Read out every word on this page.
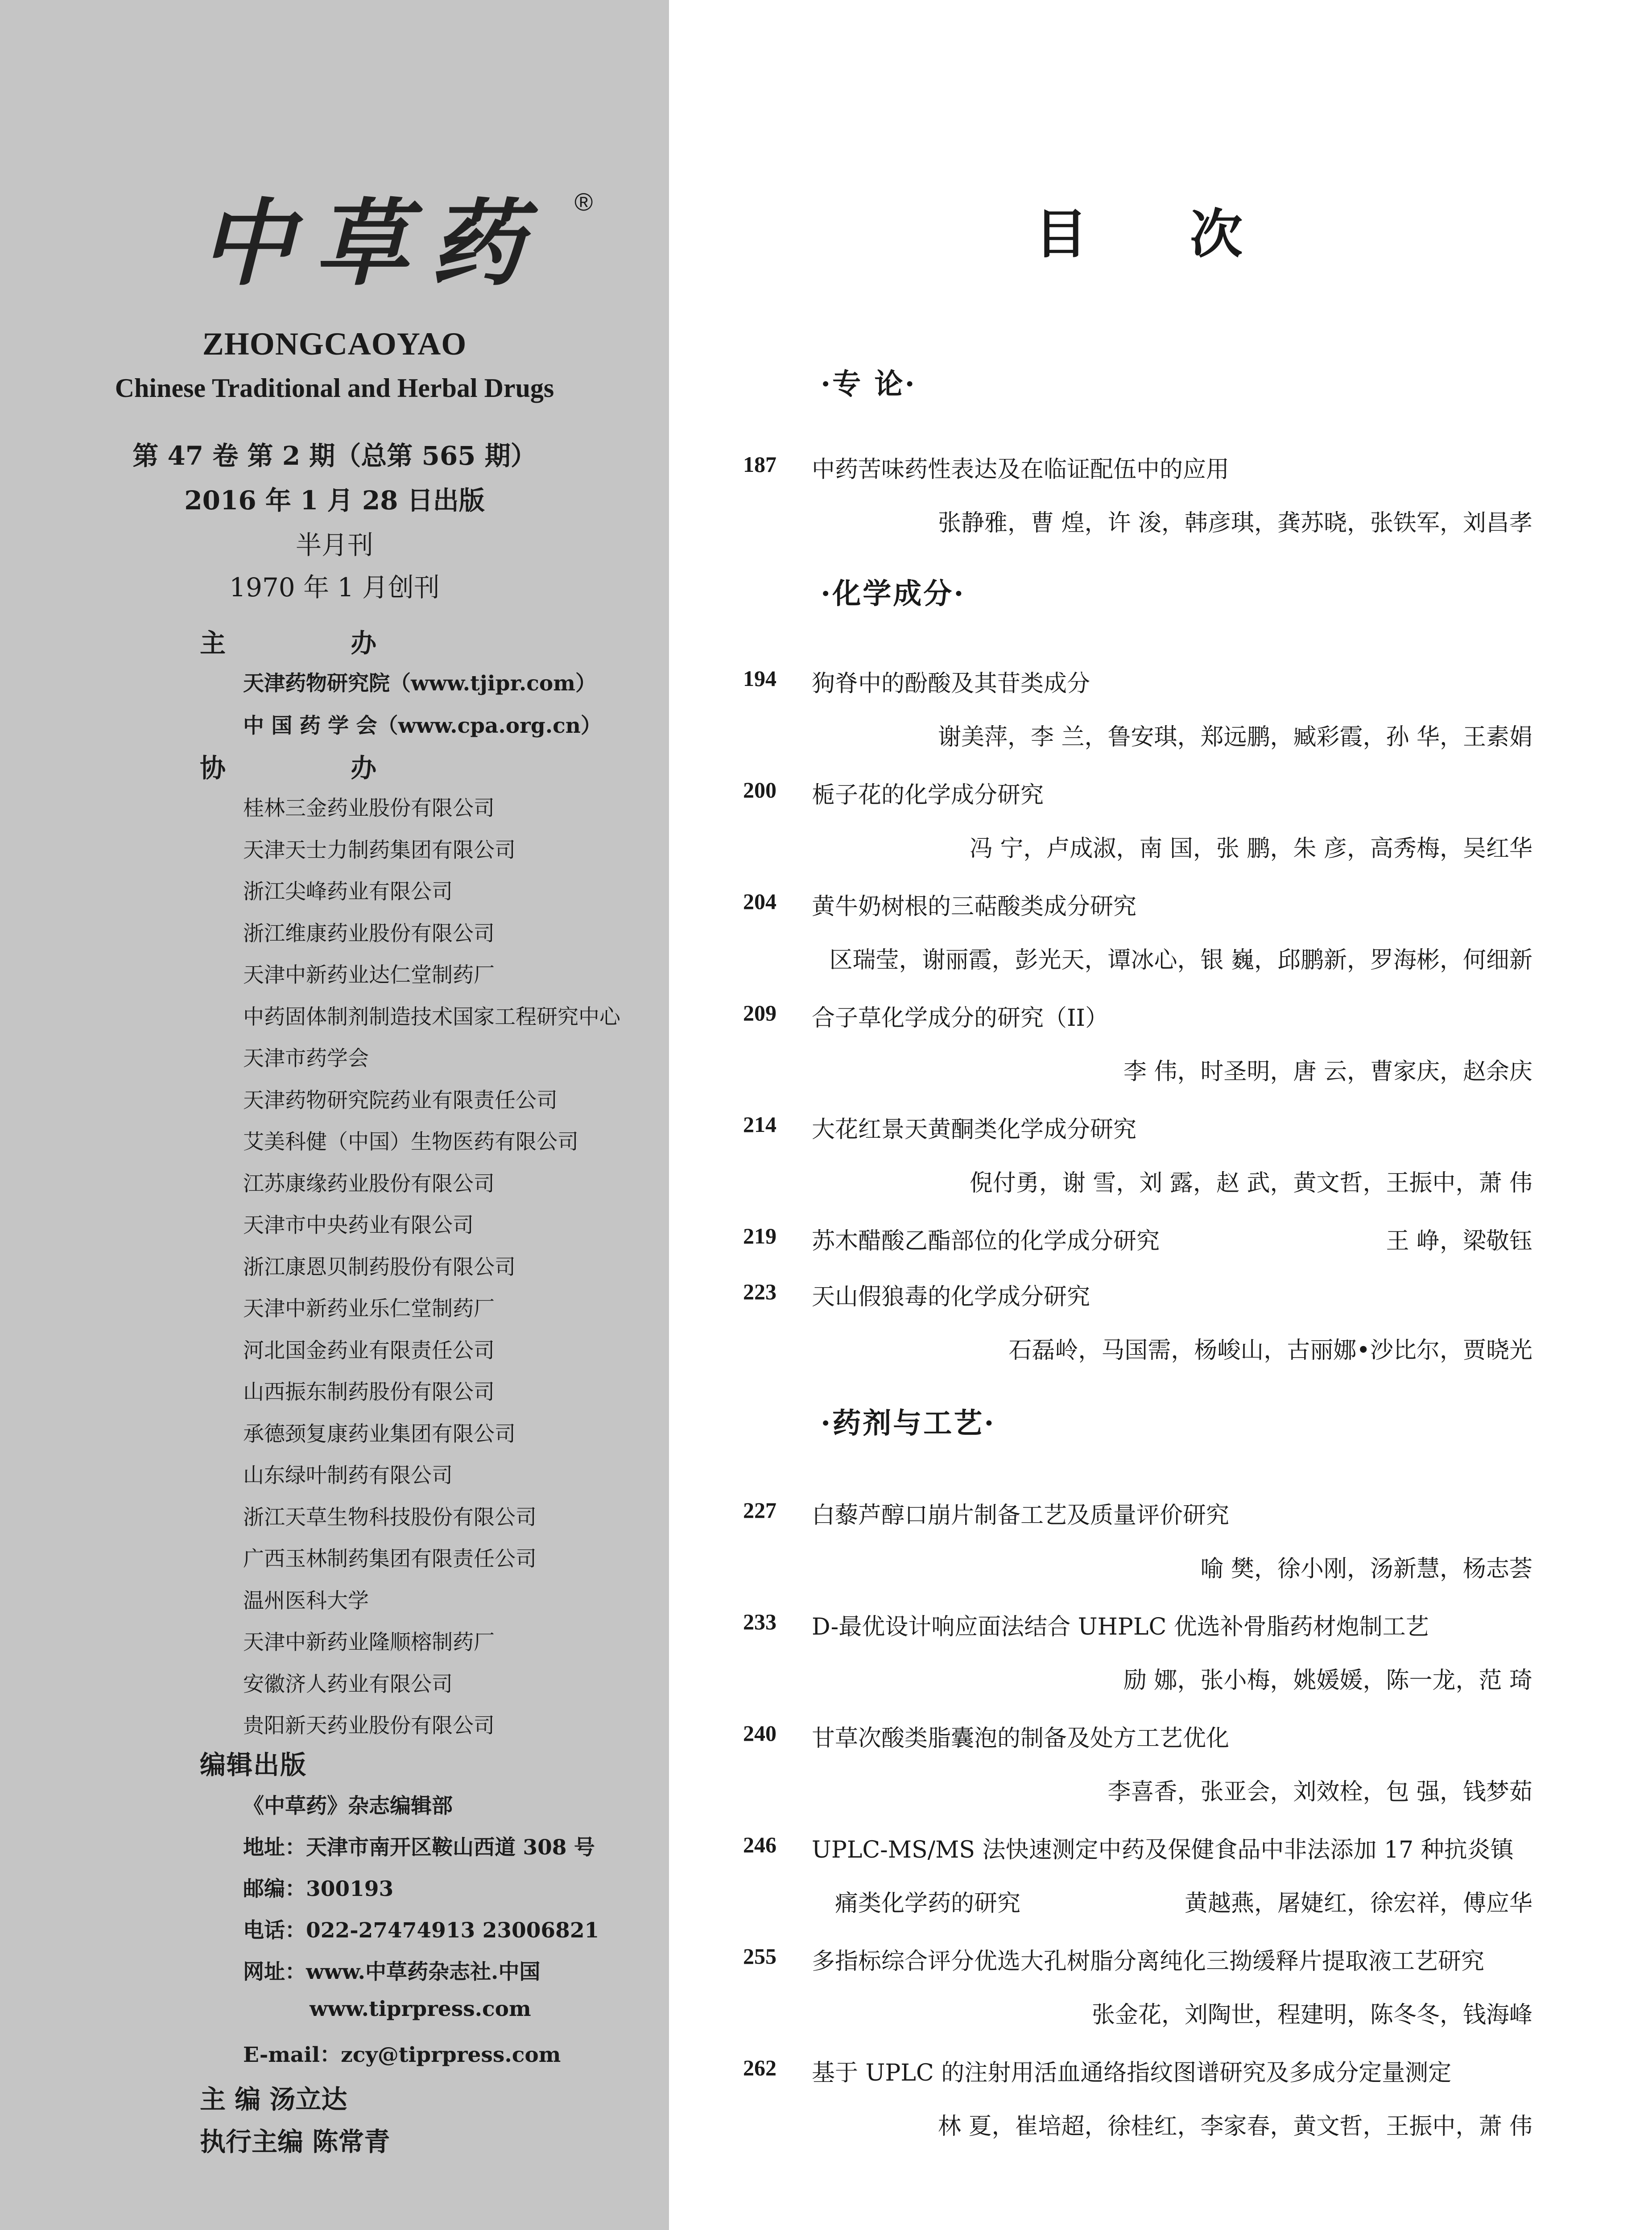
中草药	®
ZHONGCAOYAO
Chinese Traditional and Herbal Drugs
第 47 卷 第 2 期（总第 565 期）
2016 年 1 月 28 日出版
半月刊
1970 年 1 月创刊
主 办
天津药物研究院（www.tjipr.com）
中 国 药 学 会（www.cpa.org.cn）
协 办
桂林三金药业股份有限公司
天津天士力制药集团有限公司
浙江尖峰药业有限公司
浙江维康药业股份有限公司
天津中新药业达仁堂制药厂
中药固体制剂制造技术国家工程研究中心
天津市药学会
天津药物研究院药业有限责任公司
艾美科健（中国）生物医药有限公司
江苏康缘药业股份有限公司
天津市中央药业有限公司
浙江康恩贝制药股份有限公司
天津中新药业乐仁堂制药厂
河北国金药业有限责任公司
山西振东制药股份有限公司
承德颈复康药业集团有限公司
山东绿叶制药有限公司
浙江天草生物科技股份有限公司
广西玉林制药集团有限责任公司
温州医科大学
天津中新药业隆顺榕制药厂
安徽济人药业有限公司
贵阳新天药业股份有限公司
编辑出版
《中草药》杂志编辑部
地址：天津市南开区鞍山西道 308 号
邮编：300193
电话：022-27474913 23006821
网址：www.中草药杂志社.中国
www.tiprpress.com
E-mail：zcy@tiprpress.com
主 编 汤立达
执行主编 陈常青
目次
·专 论·
187	中药苦味药性表达及在临证配伍中的应用
张静雅，曹 煌，许 浚，韩彦琪，龚苏晓，张铁军，刘昌孝
·化学成分·
194	狗脊中的酚酸及其苷类成分
谢美萍，李 兰，鲁安琪，郑远鹏，臧彩霞，孙 华，王素娟
200	栀子花的化学成分研究
冯 宁，卢成淑，南 国，张 鹏，朱 彦，高秀梅，吴红华
204	黄牛奶树根的三萜酸类成分研究
区瑞莹，谢丽霞，彭光天，谭冰心，银 巍，邱鹏新，罗海彬，何细新
209	合子草化学成分的研究（II）
李 伟，时圣明，唐 云，曹家庆，赵余庆
214	大花红景天黄酮类化学成分研究
倪付勇，谢 雪，刘 露，赵 武，黄文哲，王振中，萧 伟
219	苏木醋酸乙酯部位的化学成分研究	王 峥，梁敬钰
223	天山假狼毒的化学成分研究
石磊岭，马国需，杨峻山，古丽娜•沙比尔，贾晓光
·药剂与工艺·
227	白藜芦醇口崩片制备工艺及质量评价研究
喻 樊，徐小刚，汤新慧，杨志荟
233	D-最优设计响应面法结合 UHPLC 优选补骨脂药材炮制工艺
励 娜，张小梅，姚媛媛，陈一龙，范 琦
240	甘草次酸类脂囊泡的制备及处方工艺优化
李喜香，张亚会，刘效栓，包 强，钱梦茹
246	UPLC-MS/MS 法快速测定中药及保健食品中非法添加 17 种抗炎镇
痛类化学药的研究	黄越燕，屠婕红，徐宏祥，傅应华
255	多指标综合评分优选大孔树脂分离纯化三拗缓释片提取液工艺研究
张金花，刘陶世，程建明，陈冬冬，钱海峰
262	基于 UPLC 的注射用活血通络指纹图谱研究及多成分定量测定
林 夏，崔培超，徐桂红，李家春，黄文哲，王振中，萧 伟
